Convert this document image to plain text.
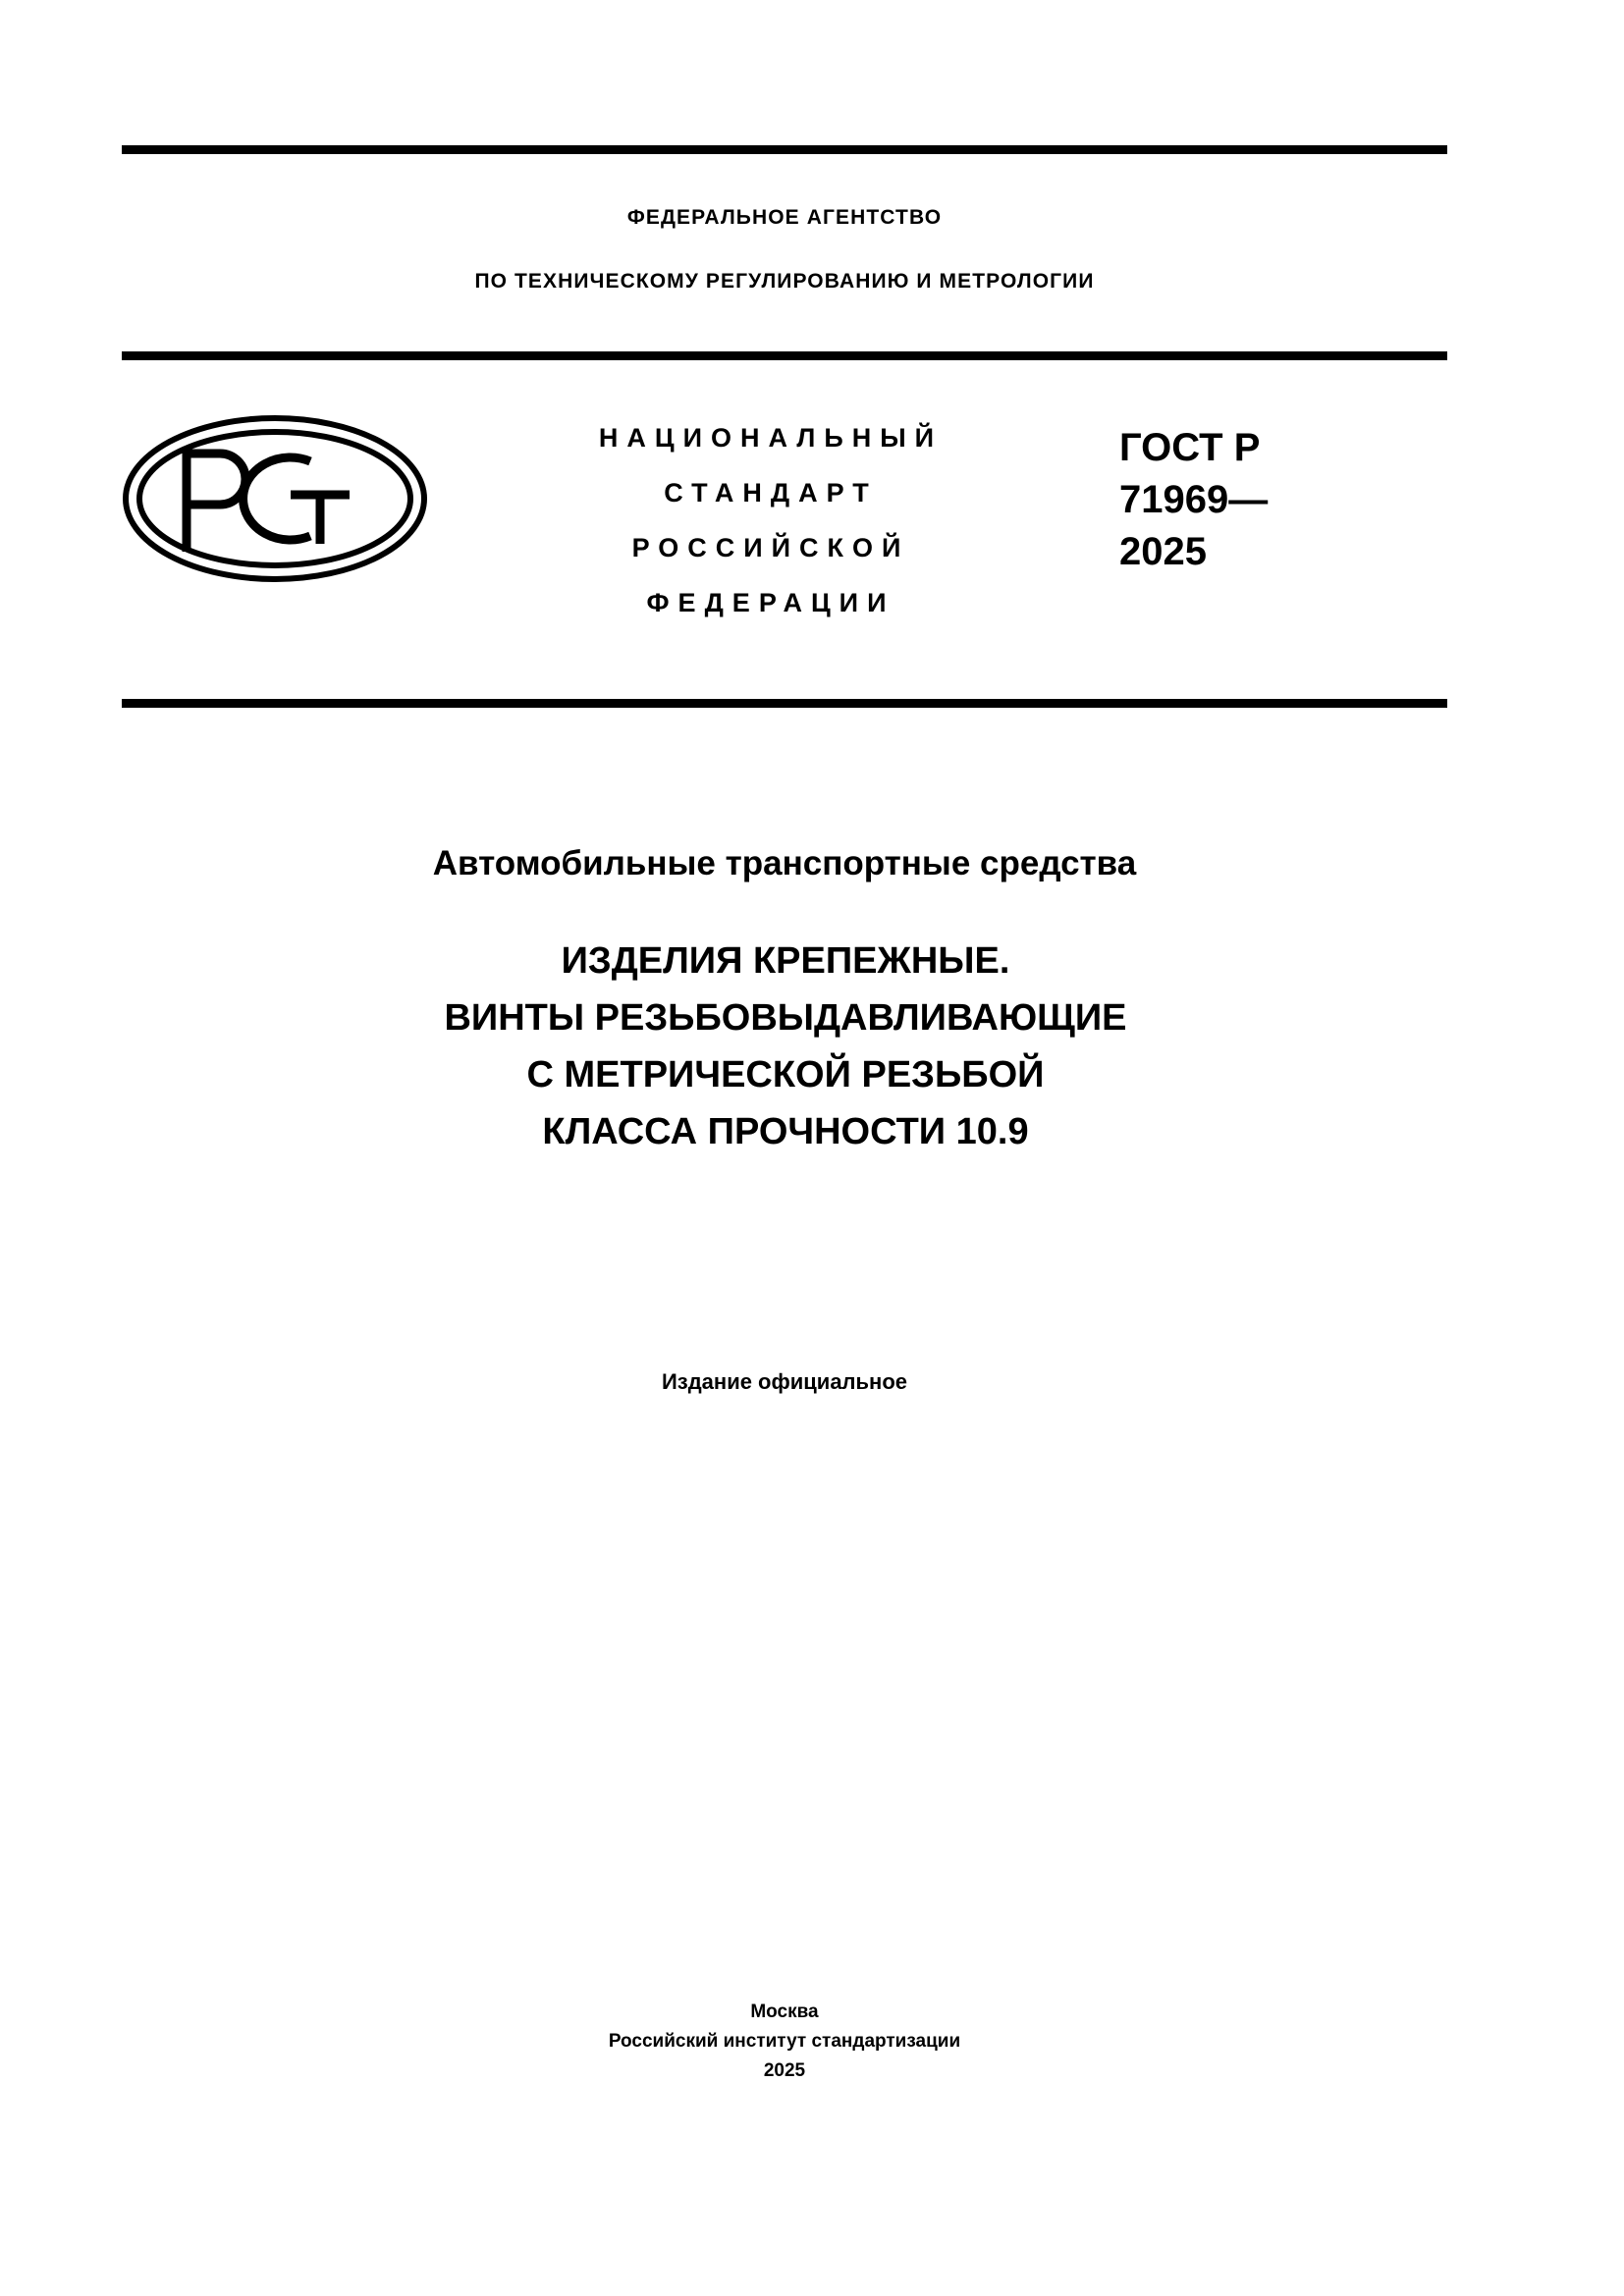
ФЕДЕРАЛЬНОЕ АГЕНТСТВО
ПО ТЕХНИЧЕСКОМУ РЕГУЛИРОВАНИЮ И МЕТРОЛОГИИ
НАЦИОНАЛЬНЫЙ
СТАНДАРТ
РОССИЙСКОЙ
ФЕДЕРАЦИИ
ГОСТ Р
71969—
2025
Автомобильные транспортные средства
ИЗДЕЛИЯ КРЕПЕЖНЫЕ.
ВИНТЫ РЕЗЬБОВЫДАВЛИВАЮЩИЕ
С МЕТРИЧЕСКОЙ РЕЗЬБОЙ
КЛАССА ПРОЧНОСТИ 10.9
Издание официальное
Москва
Российский институт стандартизации
2025
